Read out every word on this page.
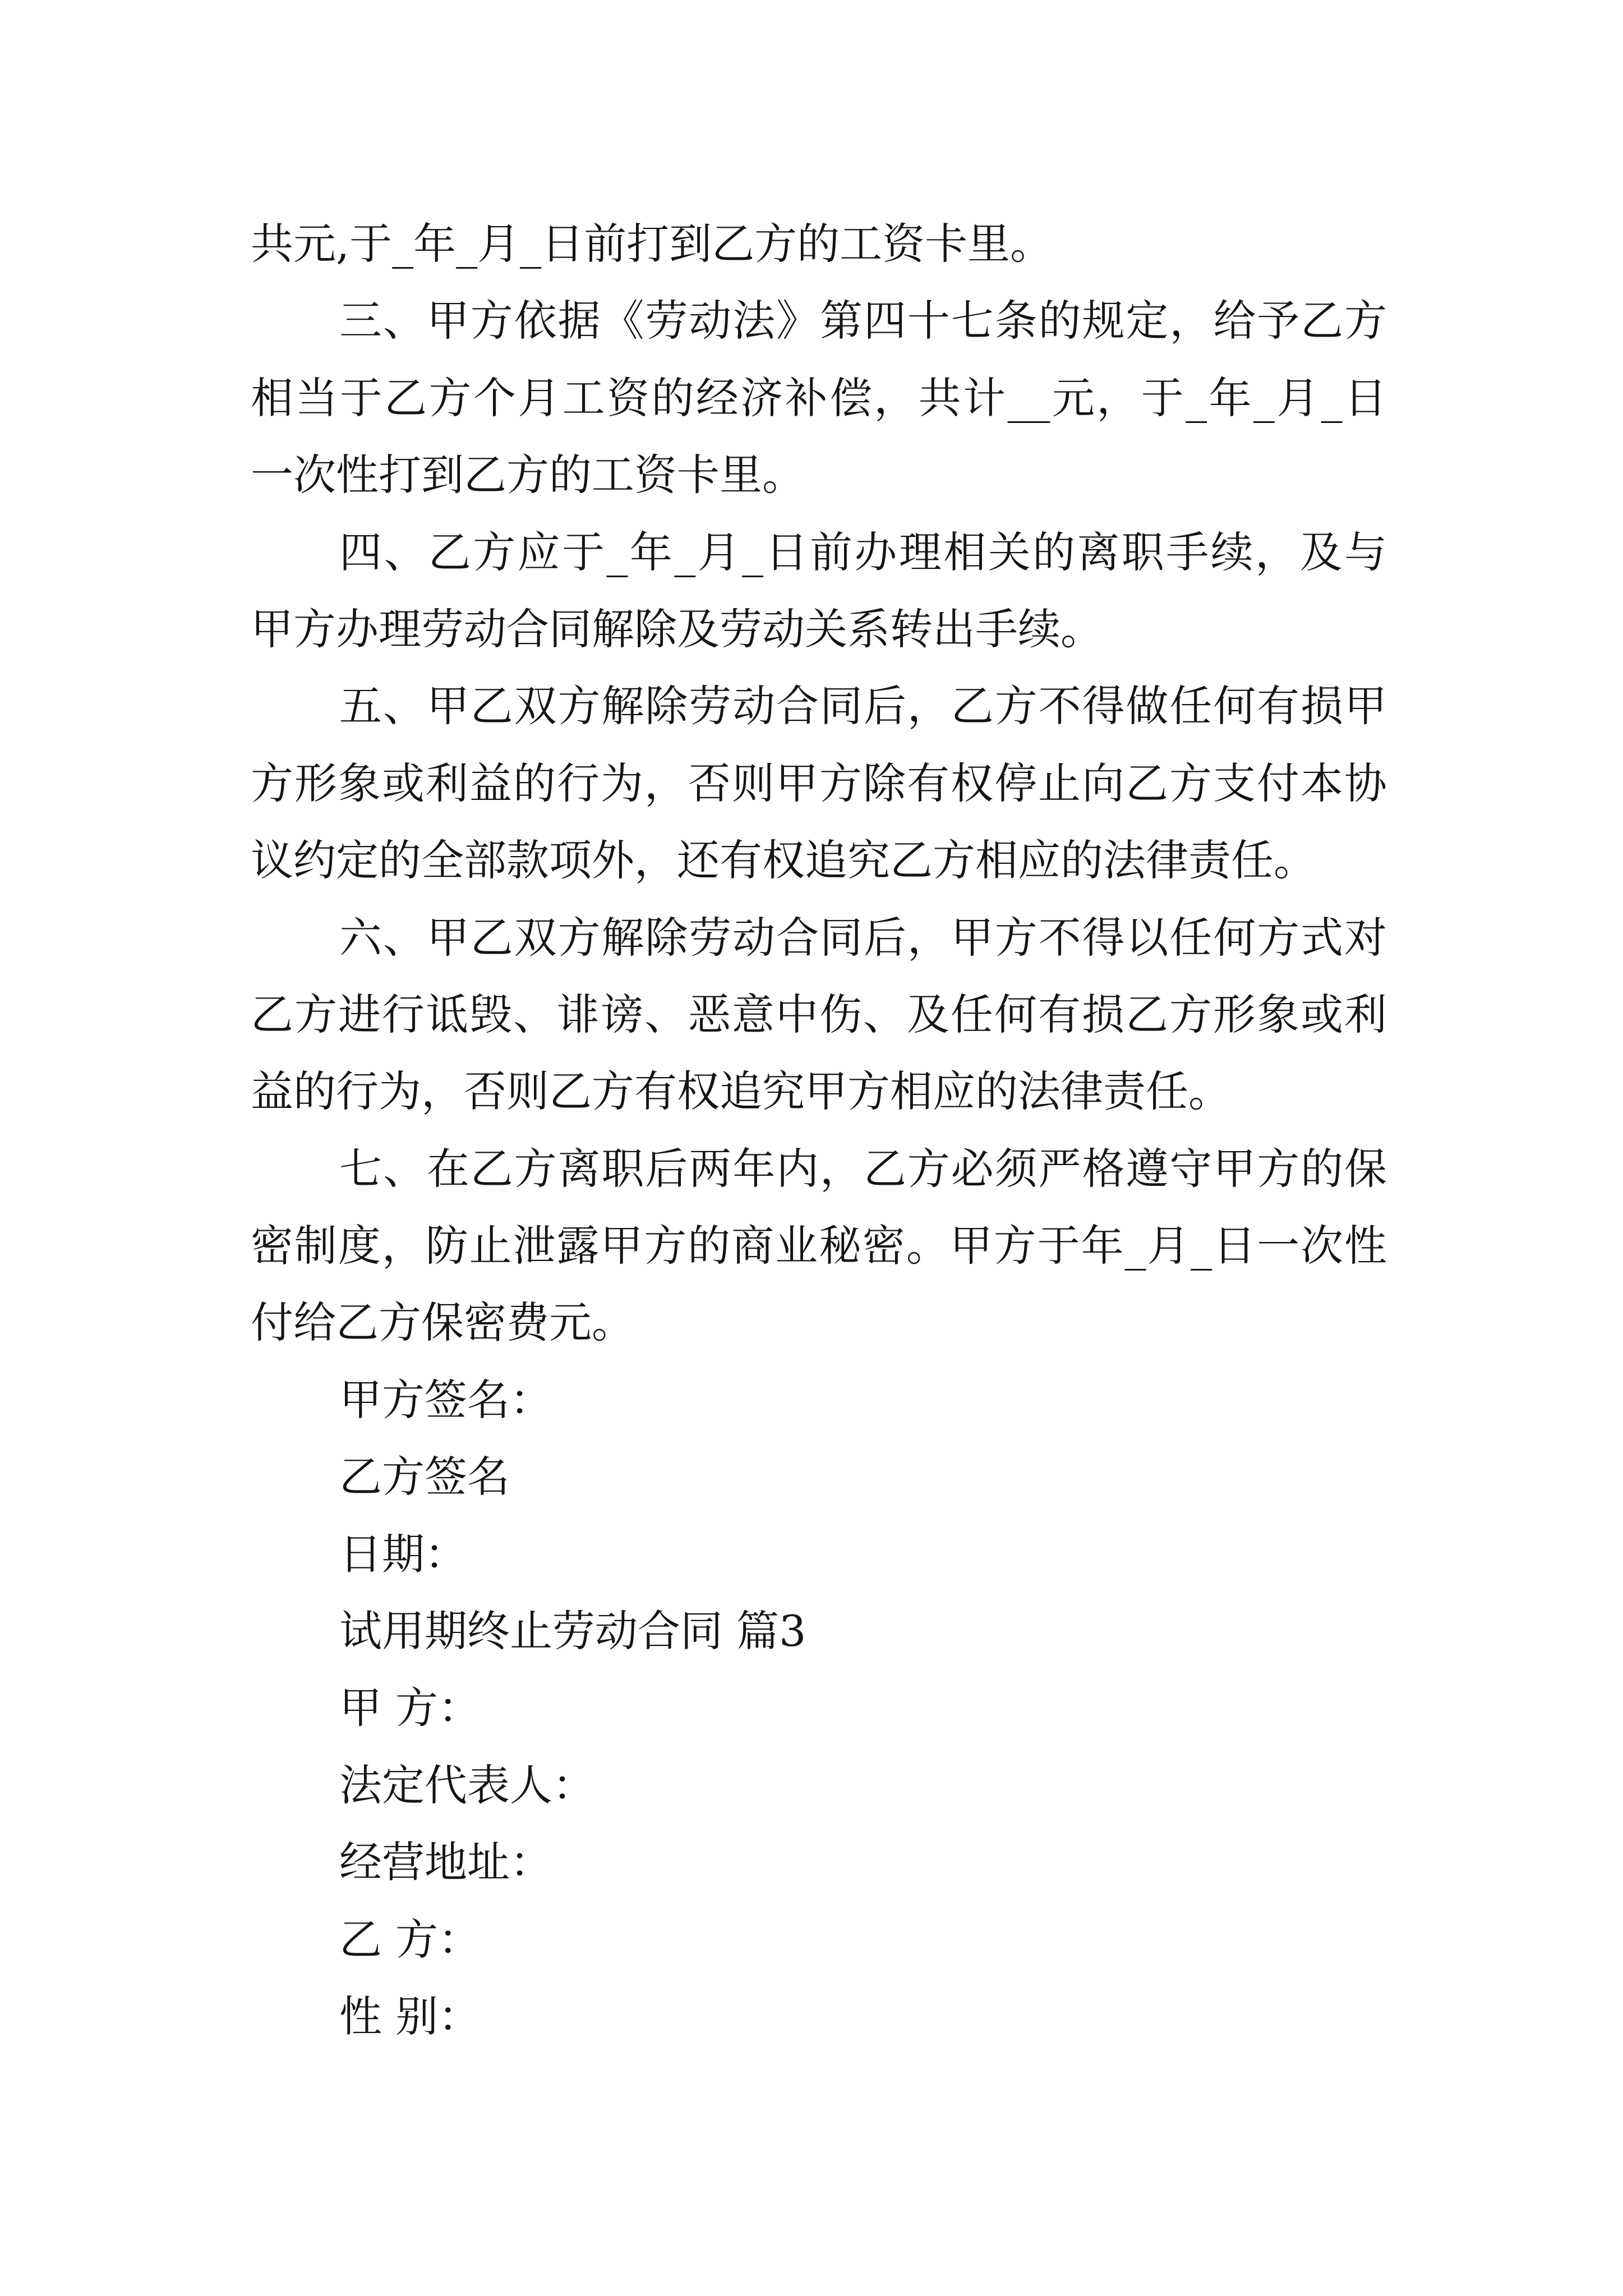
共元,于_年_月_日前打到乙方的工资卡里。
三、甲方依据《劳动法》第四十七条的规定，给予乙方
相当于乙方个月工资的经济补偿，共计__元，于_年_月_日
一次性打到乙方的工资卡里。
四、乙方应于_年_月_日前办理相关的离职手续，及与
甲方办理劳动合同解除及劳动关系转出手续。
五、甲乙双方解除劳动合同后，乙方不得做任何有损甲
方形象或利益的行为，否则甲方除有权停止向乙方支付本协
议约定的全部款项外，还有权追究乙方相应的法律责任。
六、甲乙双方解除劳动合同后，甲方不得以任何方式对
乙方进行诋毁、诽谤、恶意中伤、及任何有损乙方形象或利
益的行为，否则乙方有权追究甲方相应的法律责任。
七、在乙方离职后两年内，乙方必须严格遵守甲方的保
密制度，防止泄露甲方的商业秘密。甲方于年_月_日一次性
付给乙方保密费元。
甲方签名：
乙方签名
日期：
试用期终止劳动合同 篇3
甲 方：
法定代表人：
经营地址：
乙 方：
性 别：
